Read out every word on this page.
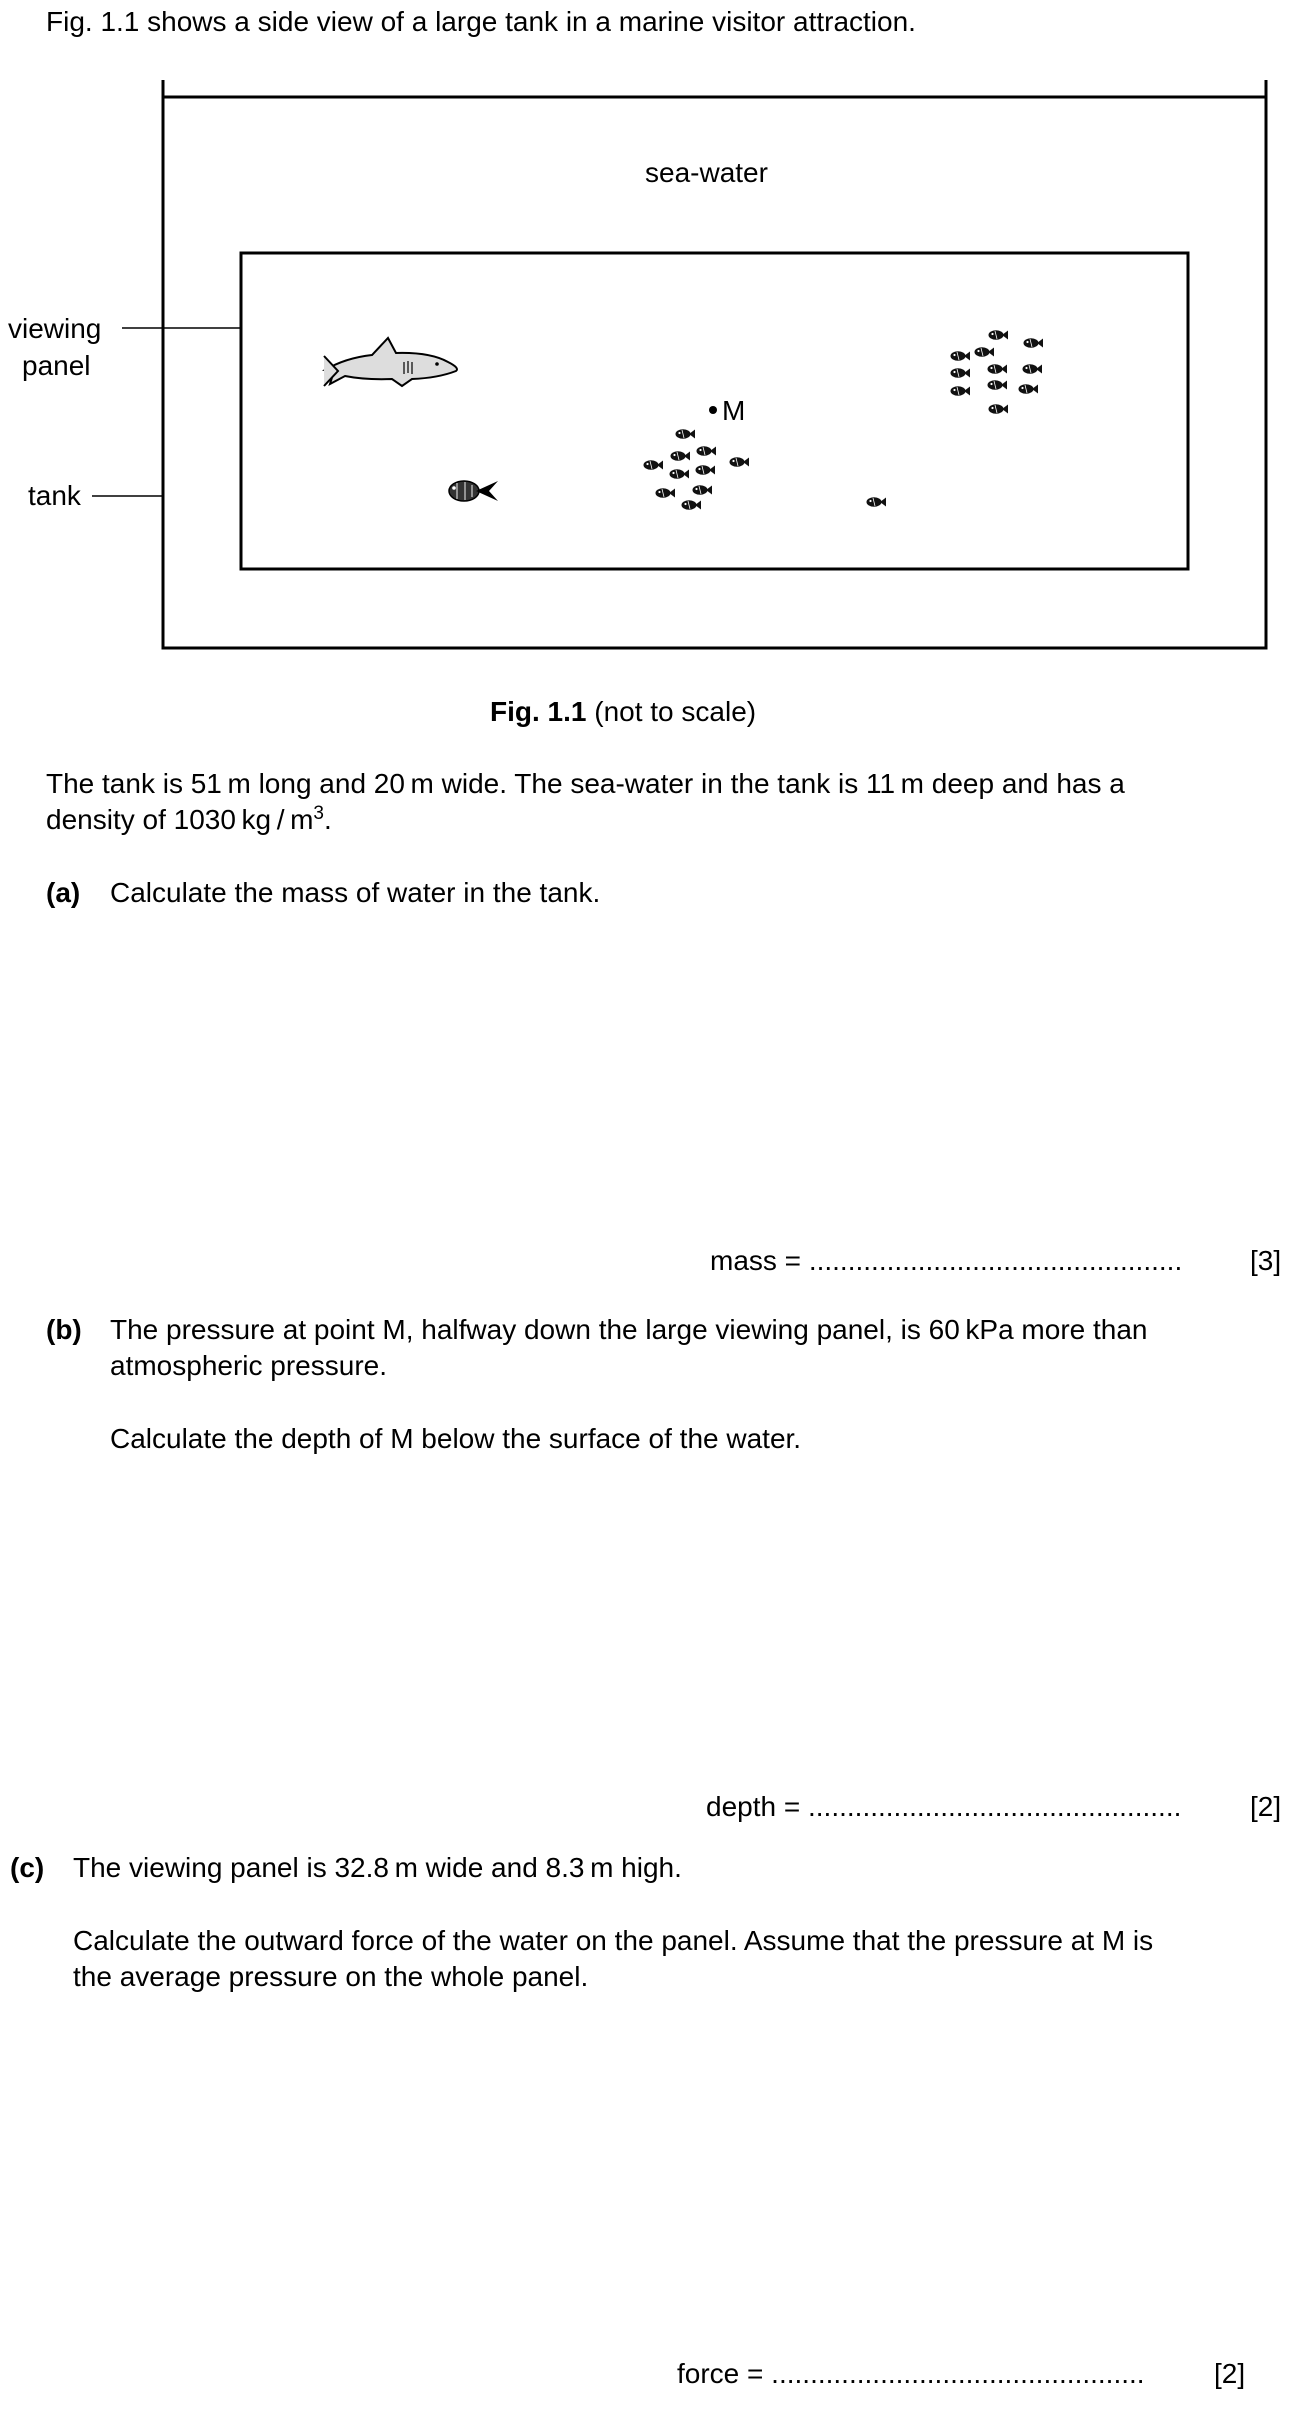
Fig. 1.1 shows a side view of a large tank in a marine visitor attraction.
sea-water
viewing
panel
tank
M
Fig. 1.1 (not to scale)
The tank is 51 m long and 20 m wide. The sea-water in the tank is 11 m deep and has a
density of 1030 kg / $m^3$.
(a) Calculate the mass of water in the tank.
mass = ................................................ [3]
(b) The pressure at point M, halfway down the large viewing panel, is 60 kPa more than
atmospheric pressure.
Calculate the depth of M below the surface of the water.
depth = ................................................ [2]
(c) The viewing panel is 32.8 m wide and 8.3 m high.
Calculate the outward force of the water on the panel. Assume that the pressure at M is
the average pressure on the whole panel.
force = ................................................ [2]
